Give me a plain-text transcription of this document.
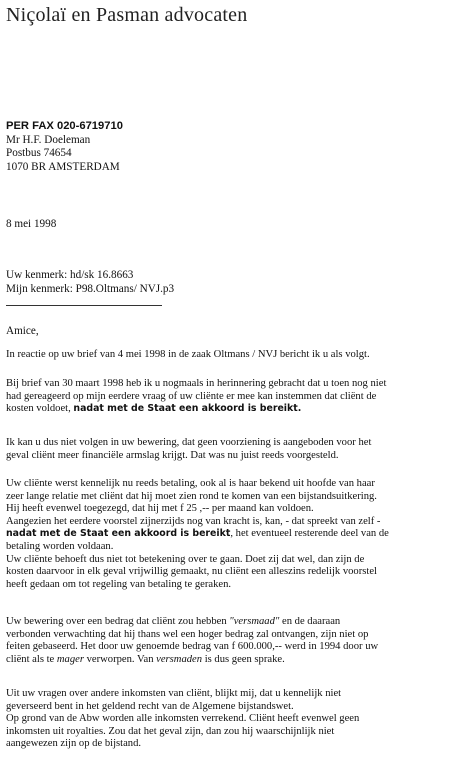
Niçolaï en Pasman advocaten
PER FAX 020-6719710
Mr H.F. Doeleman
Postbus 74654
1070 BR AMSTERDAM
8 mei 1998
Uw kenmerk: hd/sk 16.8663
Mijn kenmerk: P98.Oltmans/ NVJ.p3
Amice,
In reactie op uw brief van 4 mei 1998 in de zaak Oltmans / NVJ bericht ik u als volgt.
Bij brief van 30 maart 1998 heb ik u nogmaals in herinnering gebracht dat u toen nog niet
had gereageerd op mijn eerdere vraag of uw cliënte er mee kan instemmen dat cliënt de
kosten voldoet, nadat met de Staat een akkoord is bereikt.
Ik kan u dus niet volgen in uw bewering, dat geen voorziening is aangeboden voor het
geval cliënt meer financiële armslag krijgt. Dat was nu juist reeds voorgesteld.
Uw cliënte werst kennelijk nu reeds betaling, ook al is haar bekend uit hoofde van haar
zeer lange relatie met cliënt dat hij moet zien rond te komen van een bijstandsuitkering.
Hij heeft evenwel toegezegd, dat hij met f 25 ,-- per maand kan voldoen.
Aangezien het eerdere voorstel zijnerzijds nog van kracht is, kan, - dat spreekt van zelf -
nadat met de Staat een akkoord is bereikt, het eventueel resterende deel van de
betaling worden voldaan.
Uw cliënte behoeft dus niet tot betekening over te gaan. Doet zij dat wel, dan zijn de
kosten daarvoor in elk geval vrijwillig gemaakt, nu cliënt een alleszins redelijk voorstel
heeft gedaan om tot regeling van betaling te geraken.
Uw bewering over een bedrag dat cliënt zou hebben "versmaad" en de daaraan
verbonden verwachting dat hij thans wel een hoger bedrag zal ontvangen, zijn niet op
feiten gebaseerd. Het door uw genoemde bedrag van f 600.000,-- werd in 1994 door uw
cliënt als te mager verworpen. Van versmaden is dus geen sprake.
Uit uw vragen over andere inkomsten van cliënt, blijkt mij, dat u kennelijk niet
geverseerd bent in het geldend recht van de Algemene bijstandswet.
Op grond van de Abw worden alle inkomsten verrekend. Cliënt heeft evenwel geen
inkomsten uit royalties. Zou dat het geval zijn, dan zou hij waarschijnlijk niet
aangewezen zijn op de bijstand.
